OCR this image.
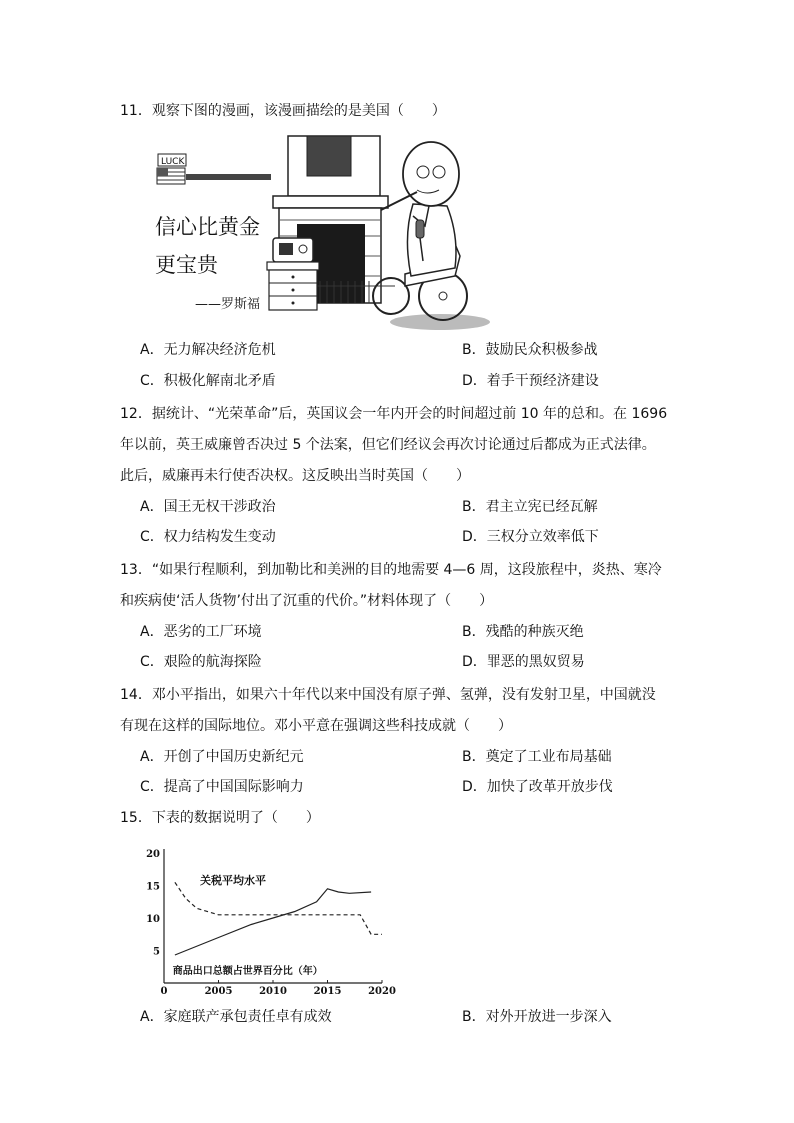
11．观察下图的漫画，该漫画描绘的是美国（　　）
LUCK
信心比黄金
更宝贵
——罗斯福
A．无力解决经济危机	B．鼓励民众积极参战
C．积极化解南北矛盾	D．着手干预经济建设
12．据统计、“光荣革命”后，英国议会一年内开会的时间超过前 10 年的总和。在 1696
年以前，英王威廉曾否决过 5 个法案，但它们经议会再次讨论通过后都成为正式法律。
此后，威廉再未行使否决权。这反映出当时英国（　　）
A．国王无权干涉政治	B．君主立宪已经瓦解
C．权力结构发生变动	D．三权分立效率低下
13．“如果行程顺利，到加勒比和美洲的目的地需要 4—6 周，这段旅程中，炎热、寒冷
和疾病使‘活人货物’付出了沉重的代价。”材料体现了（　　）
A．恶劣的工厂环境	B．残酷的种族灭绝
C．艰险的航海探险	D．罪恶的黑奴贸易
14．邓小平指出，如果六十年代以来中国没有原子弹、氢弹，没有发射卫星，中国就没
有现在这样的国际地位。邓小平意在强调这些科技成就（　　）
A．开创了中国历史新纪元	B．奠定了工业布局基础
C．提高了中国国际影响力	D．加快了改革开放步伐
15．下表的数据说明了（　　）
0	2005	2010	2015	2020
5
10
15
20
关税平均水平
商品出口总额占世界百分比（年）
A．家庭联产承包责任卓有成效	B．对外开放进一步深入
